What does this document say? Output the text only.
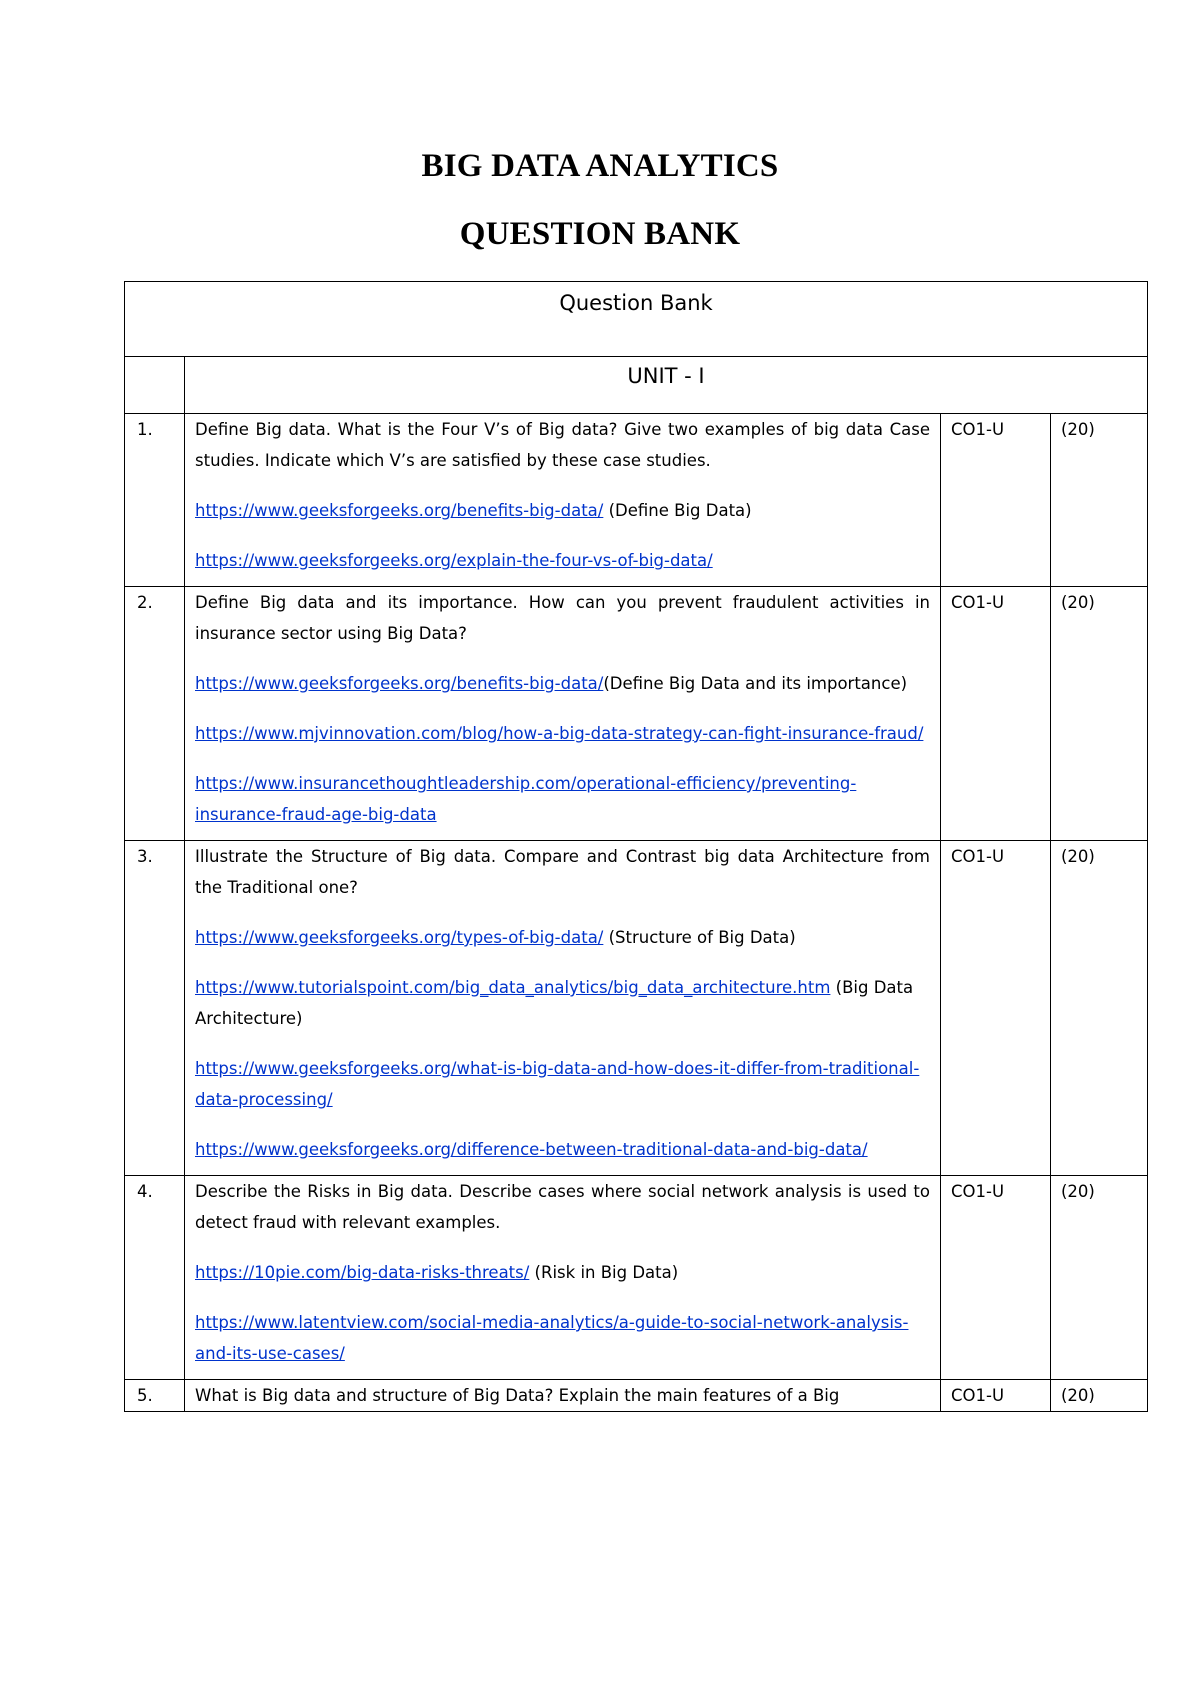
BIG DATA ANALYTICS
QUESTION BANK
Question Bank			
	UNIT - I		
1.	Define Big data. What is the Four V’s of Big data? Give two examples of big data Case studies. Indicate which V’s are satisfied by these case studies.

https://www.geeksforgeeks.org/benefits-big-data/ (Define Big Data)

https://www.geeksforgeeks.org/explain-the-four-vs-of-big-data/	CO1-U	(20)
2.	Define Big data and its importance. How can you prevent fraudulent activities in insurance sector using Big Data?

https://www.geeksforgeeks.org/benefits-big-data/(Define Big Data and its importance)

https://www.mjvinnovation.com/blog/how-a-big-data-strategy-can-fight-insurance-fraud/

https://www.insurancethoughtleadership.com/operational-efficiency/preventing-insurance-fraud-age-big-data	CO1-U	(20)
3.	Illustrate the Structure of Big data. Compare and Contrast big data Architecture from the Traditional one?

https://www.geeksforgeeks.org/types-of-big-data/ (Structure of Big Data)

https://www.tutorialspoint.com/big_data_analytics/big_data_architecture.htm (Big Data Architecture)

https://www.geeksforgeeks.org/what-is-big-data-and-how-does-it-differ-from-traditional-data-processing/

https://www.geeksforgeeks.org/difference-between-traditional-data-and-big-data/	CO1-U	(20)
4.	Describe the Risks in Big data. Describe cases where social network analysis is used to detect fraud with relevant examples.

https://10pie.com/big-data-risks-threats/ (Risk in Big Data)

https://www.latentview.com/social-media-analytics/a-guide-to-social-network-analysis-and-its-use-cases/	CO1-U	(20)
5.	What is Big data and structure of Big Data? Explain the main features of a Big	CO1-U	(20)
